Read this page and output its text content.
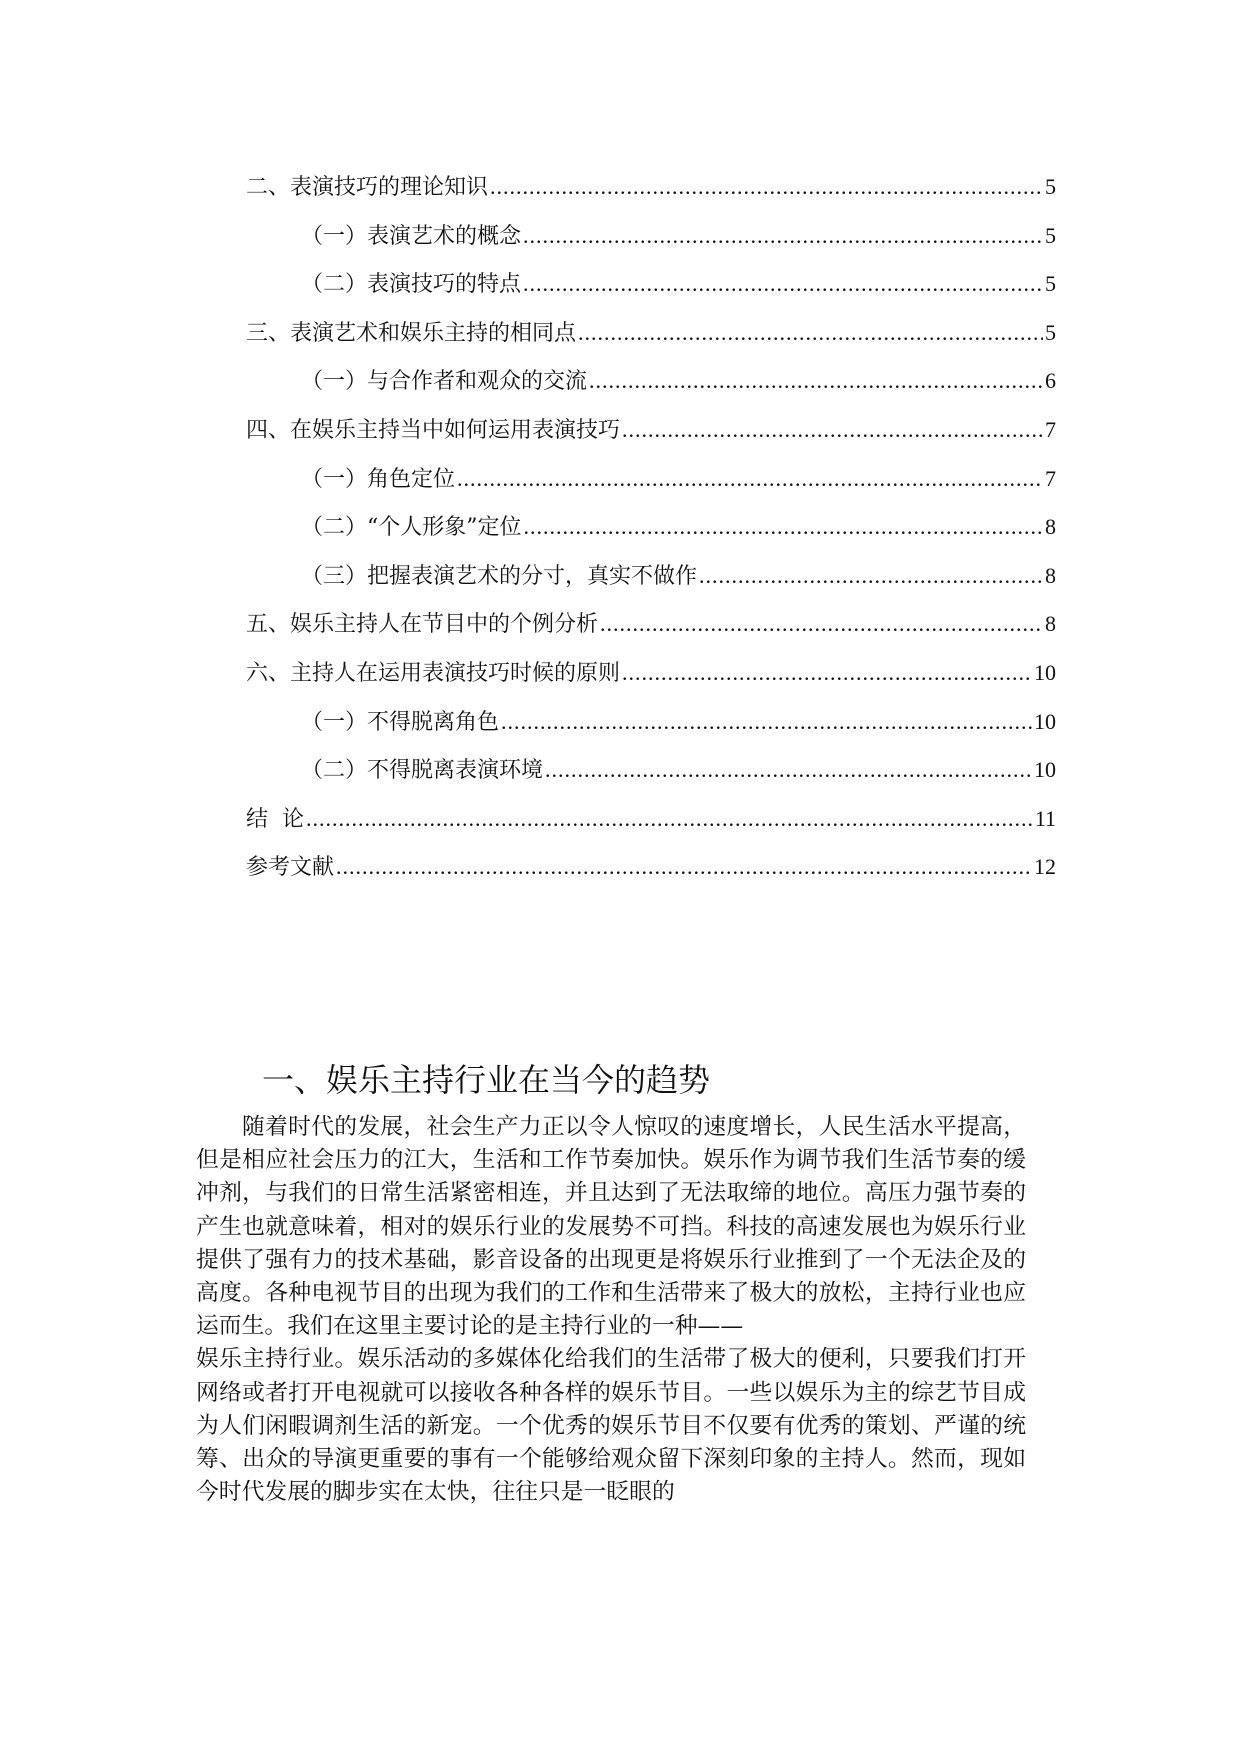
二、表演技巧的理论知识 .....	5
（一）表演艺术的概念 .....	5
（二）表演技巧的特点 .....	5
三、表演艺术和娱乐主持的相同点 .....	5
（一）与合作者和观众的交流 .....	6
四、在娱乐主持当中如何运用表演技巧 .....	7
（一）角色定位 .....	7
（二）“个人形象”定位 .....	8
（三）把握表演艺术的分寸，真实不做作 .....	8
五、娱乐主持人在节目中的个例分析 .....	8
六、主持人在运用表演技巧时候的原则 .....	10
（一）不得脱离角色 .....	10
（二）不得脱离表演环境 .....	10
结  论 .....	11
参考文献 .....	12
一、娱乐主持行业在当今的趋势
随着时代的发展，社会生产力正以令人惊叹的速度增长，人民生活水平提高，但是相应社会压力的江大，生活和工作节奏加快。娱乐作为调节我们生活节奏的缓冲剂，与我们的日常生活紧密相连，并且达到了无法取缔的地位。高压力强节奏的产生也就意味着，相对的娱乐行业的发展势不可挡。科技的高速发展也为娱乐行业提供了强有力的技术基础，影音设备的出现更是将娱乐行业推到了一个无法企及的高度。各种电视节目的出现为我们的工作和生活带来了极大的放松，主持行业也应运而生。我们在这里主要讨论的是主持行业的一种——
娱乐主持行业。娱乐活动的多媒体化给我们的生活带了极大的便利，只要我们打开网络或者打开电视就可以接收各种各样的娱乐节目。一些以娱乐为主的综艺节目成为人们闲暇调剂生活的新宠。一个优秀的娱乐节目不仅要有优秀的策划、严谨的统筹、出众的导演更重要的事有一个能够给观众留下深刻印象的主持人。然而，现如今时代发展的脚步实在太快，往往只是一眨眼的
